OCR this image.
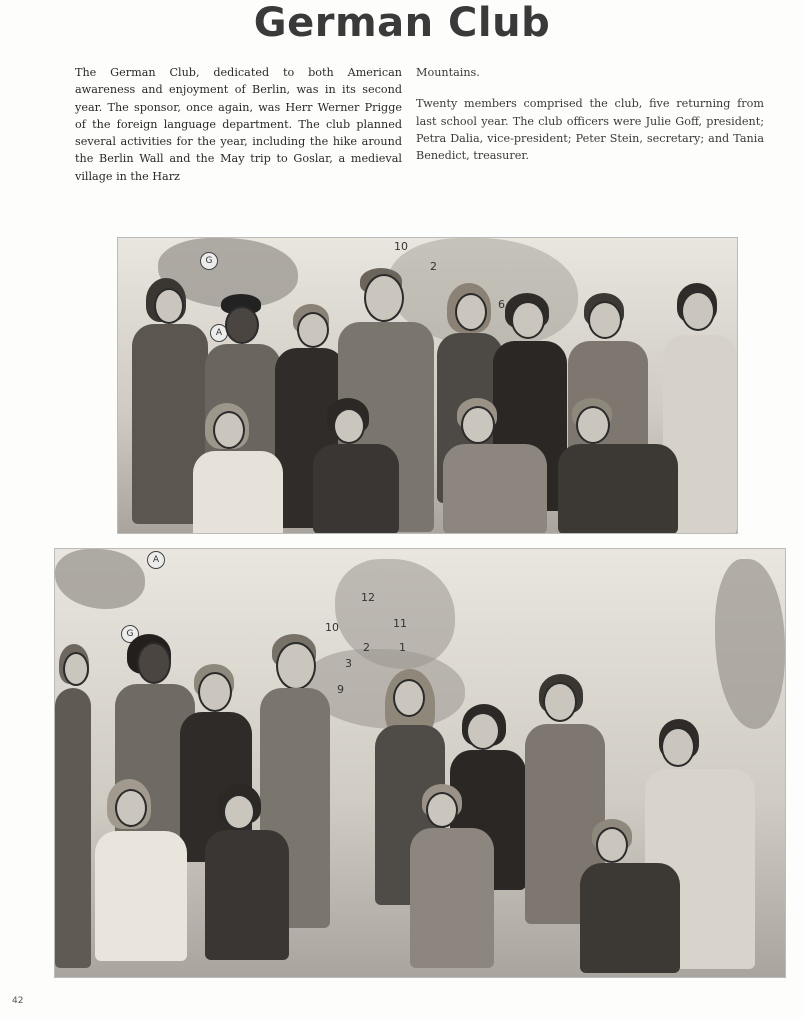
German Club

The German Club, dedicated to both American awareness and enjoyment of Berlin, was in its second year. The sponsor, once again, was Herr Werner Prigge of the foreign language department. The club planned several activities for the year, including the hike around the Berlin Wall and the May trip to Goslar, a medieval village in the Harz

Mountains.

Twenty members comprised the club, five returning from last school year. The club officers were Julie Goff, president; Petra Dalia, vice-president; Peter Stein, secretary; and Tania Benedict, treasurer.

G
A
10
2
6
A
G
12
11
10
2	1
3
9
42
